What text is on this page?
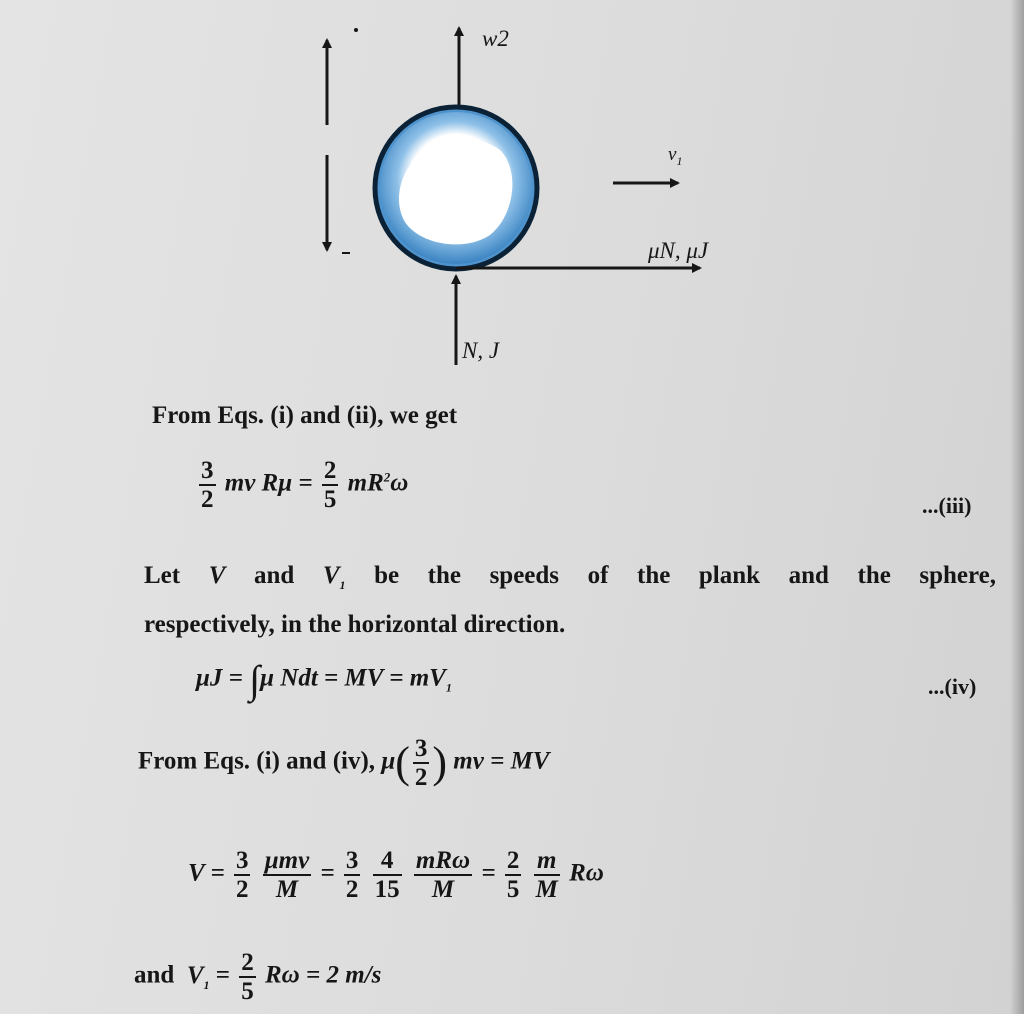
w2
$v_1$
μN, μJ
N, J
From Eqs. (i) and (ii), we get
$\frac{3}{2}$ mv $R\mu = \frac{2}{5} mR^2\omega$
...(iii)
Let V and $V_1$ be the speeds of the plank and the sphere,
respectively, in the horizontal direction.
μJ = ∫μ Ndt = MV = $mV_1$	...(iv)
From Eqs. (i) and (iv), $\mu( \frac{3}{2}$ ) mv = MV
$V = \frac{3}{2}$
$\frac{\text{μmv}}{M} = \frac{3}{2}$
$\frac{4}{15}$
$\frac{\text{mRω}}{M} = \frac{2}{5}$
$\frac{m}{M}$ Rω
and $V_1 = \frac{2}{5}$ Rω = 2 m/s
